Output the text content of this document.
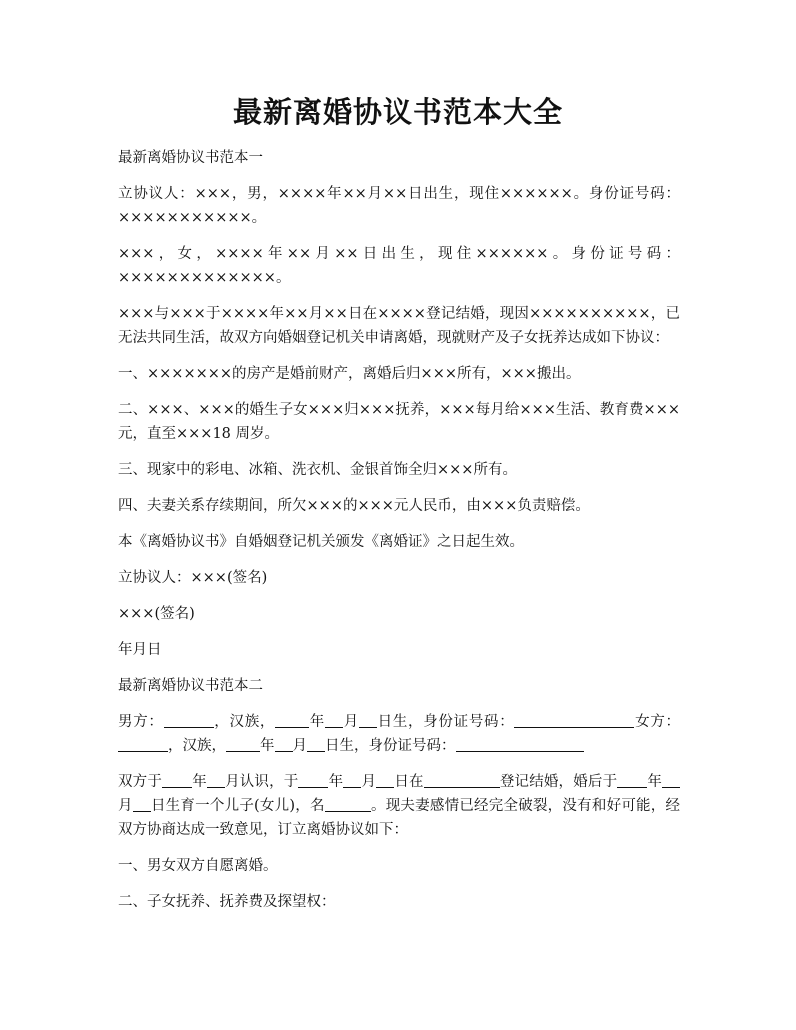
最新离婚协议书范本大全

最新离婚协议书范本一

立协议人：×××，男，××××年××月××日出生，现住××××××。身份证号码：×××××××××××。

×××，女，××××年××月××日出生，现住××××××。身份证号码：×××××××××××××。

×××与×××于××××年××月××日在××××登记结婚，现因××××××××××，已无法共同生活，故双方向婚姻登记机关申请离婚，现就财产及子女抚养达成如下协议：

一、×××××××的房产是婚前财产，离婚后归×××所有，×××搬出。

二、×××、×××的婚生子女×××归×××抚养，×××每月给×××生活、教育费×××元，直至×××18 周岁。

三、现家中的彩电、冰箱、洗衣机、金银首饰全归×××所有。

四、夫妻关系存续期间，所欠×××的×××元人民币，由×××负责赔偿。

本《离婚协议书》自婚姻登记机关颁发《离婚证》之日起生效。

立协议人：×××(签名)

×××(签名)

年月日

最新离婚协议书范本二

男方：	，汉族， 年 月 日生，身份证号码：	女方：，汉族， 年 月 日生，身份证号码：

双方于 年 月认识，于 年 月 日在	登记结婚，婚后于 年月 日生育一个儿子(女儿)，名	。现夫妻感情已经完全破裂，没有和好可能，经双方协商达成一致意见，订立离婚协议如下：

一、男女双方自愿离婚。

二、子女抚养、抚养费及探望权：
